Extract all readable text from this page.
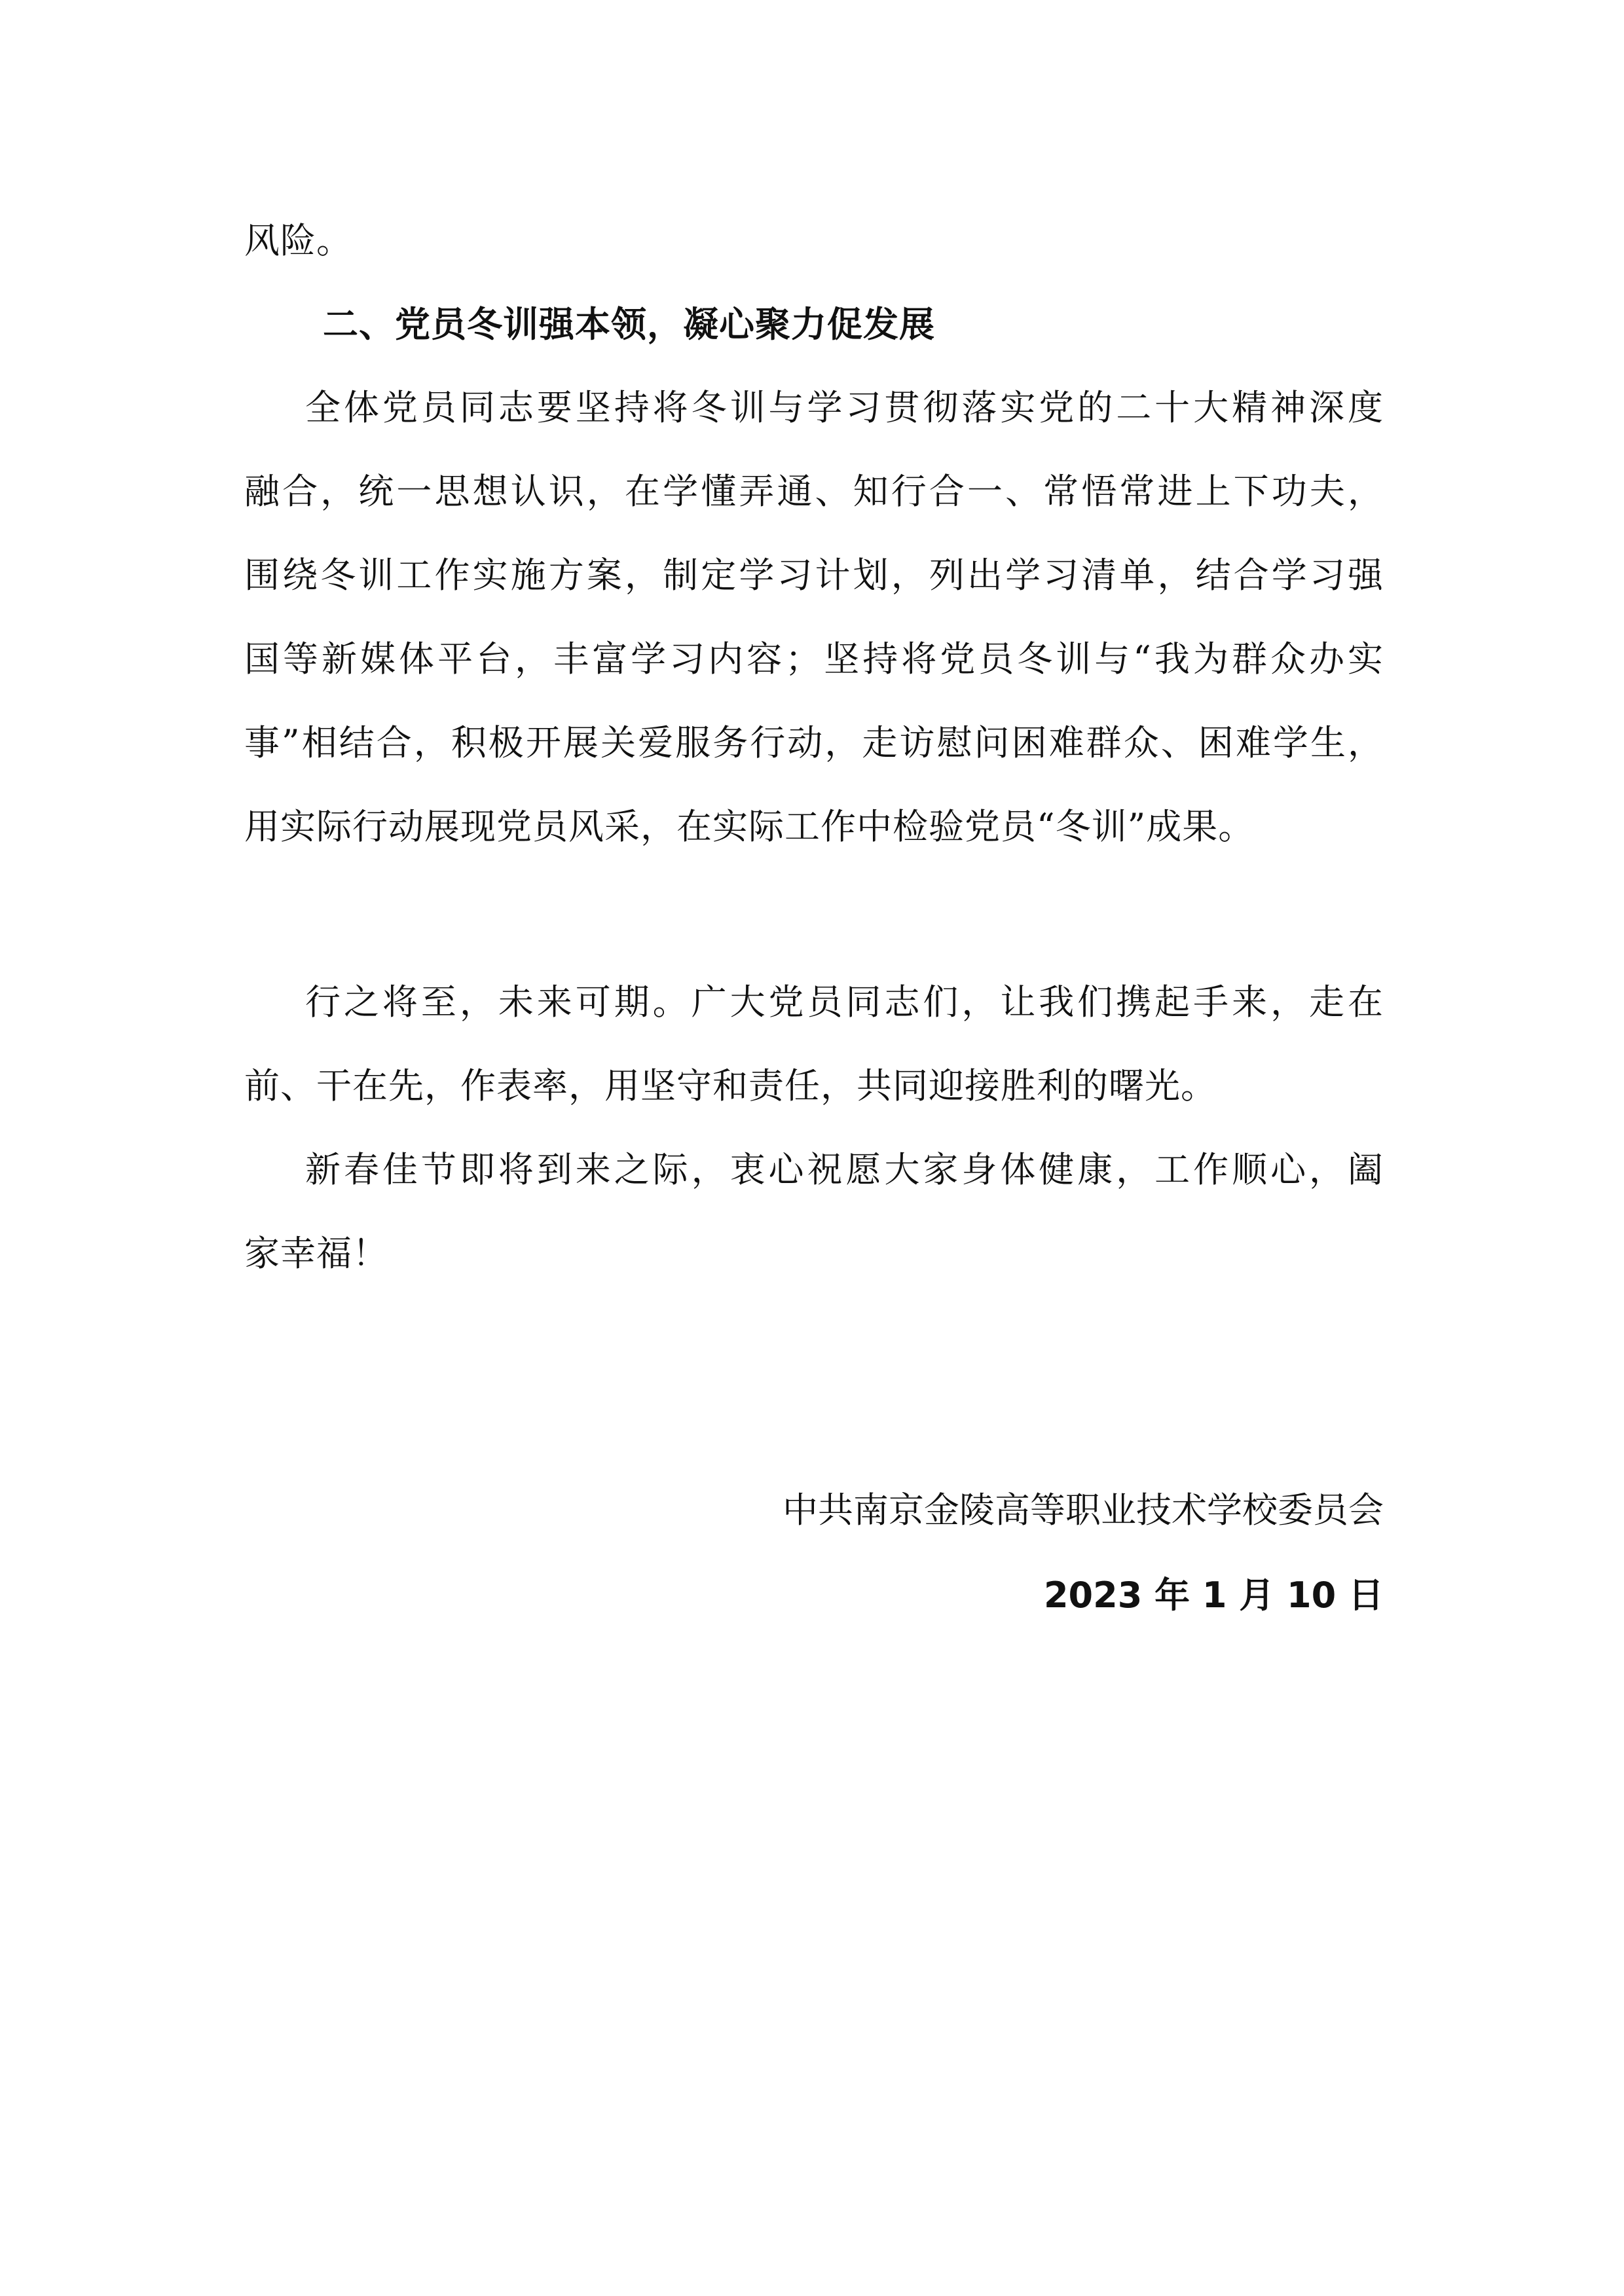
风险。
二、党员冬训强本领，凝心聚力促发展
全体党员同志要坚持将冬训与学习贯彻落实党的二十大精神深度
融合，统一思想认识，在学懂弄通、知行合一、常悟常进上下功夫，
围绕冬训工作实施方案，制定学习计划，列出学习清单，结合学习强
国等新媒体平台，丰富学习内容；坚持将党员冬训与“我为群众办实
事”相结合，积极开展关爱服务行动，走访慰问困难群众、困难学生，
用实际行动展现党员风采，在实际工作中检验党员“冬训”成果。
行之将至，未来可期。广大党员同志们，让我们携起手来，走在
前、干在先，作表率，用坚守和责任，共同迎接胜利的曙光。
新春佳节即将到来之际，衷心祝愿大家身体健康，工作顺心，阖
家幸福！
中共南京金陵高等职业技术学校委员会
2023 年 1 月 10 日
